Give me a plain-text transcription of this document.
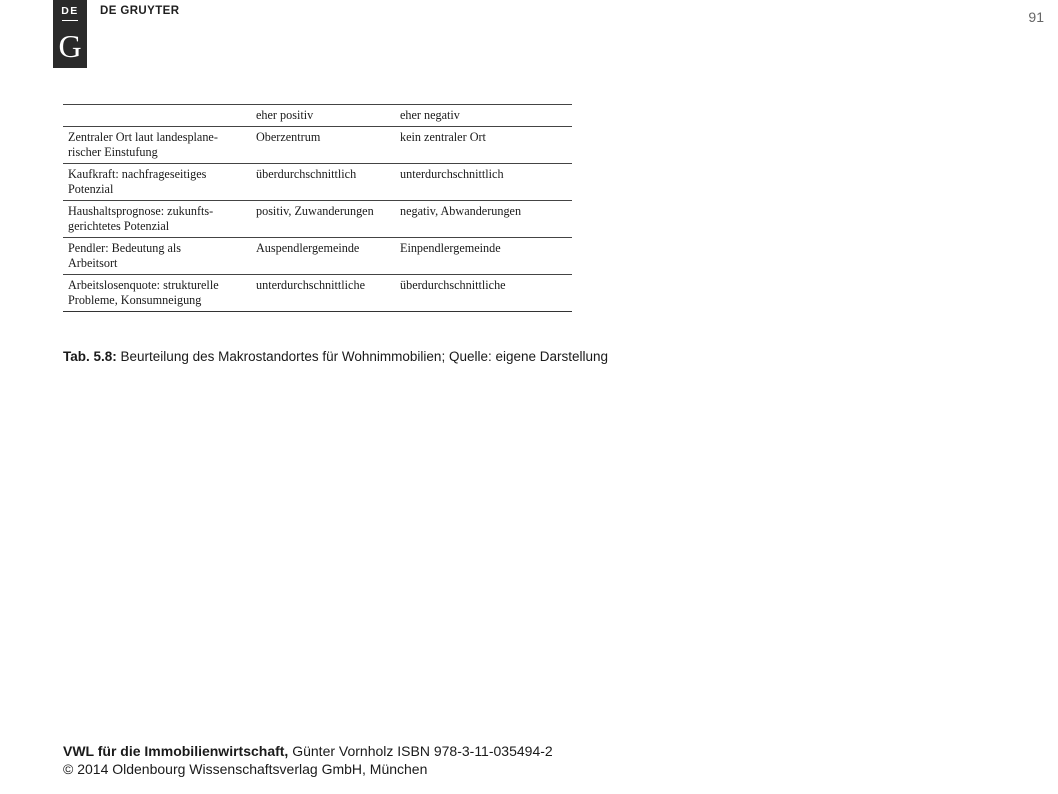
DE
G
DE GRUYTER	91
	eher positiv	eher negativ
Zentraler Ort laut landesplane-
rischer Einstufung	Oberzentrum	kein zentraler Ort
Kaufkraft: nachfrageseitiges
Potenzial	überdurchschnittlich	unterdurchschnittlich
Haushaltsprognose: zukunfts-
gerichtetes Potenzial	positiv, Zuwanderungen	negativ, Abwanderungen
Pendler: Bedeutung als
Arbeitsort	Auspendlergemeinde	Einpendlergemeinde
Arbeitslosenquote: strukturelle
Probleme, Konsumneigung	unterdurchschnittliche	überdurchschnittliche
Tab. 5.8: Beurteilung des Makrostandortes für Wohnimmobilien; Quelle: eigene Darstellung
VWL für die Immobilienwirtschaft, Günter Vornholz ISBN 978-3-11-035494-2
© 2014 Oldenbourg Wissenschaftsverlag GmbH, München
